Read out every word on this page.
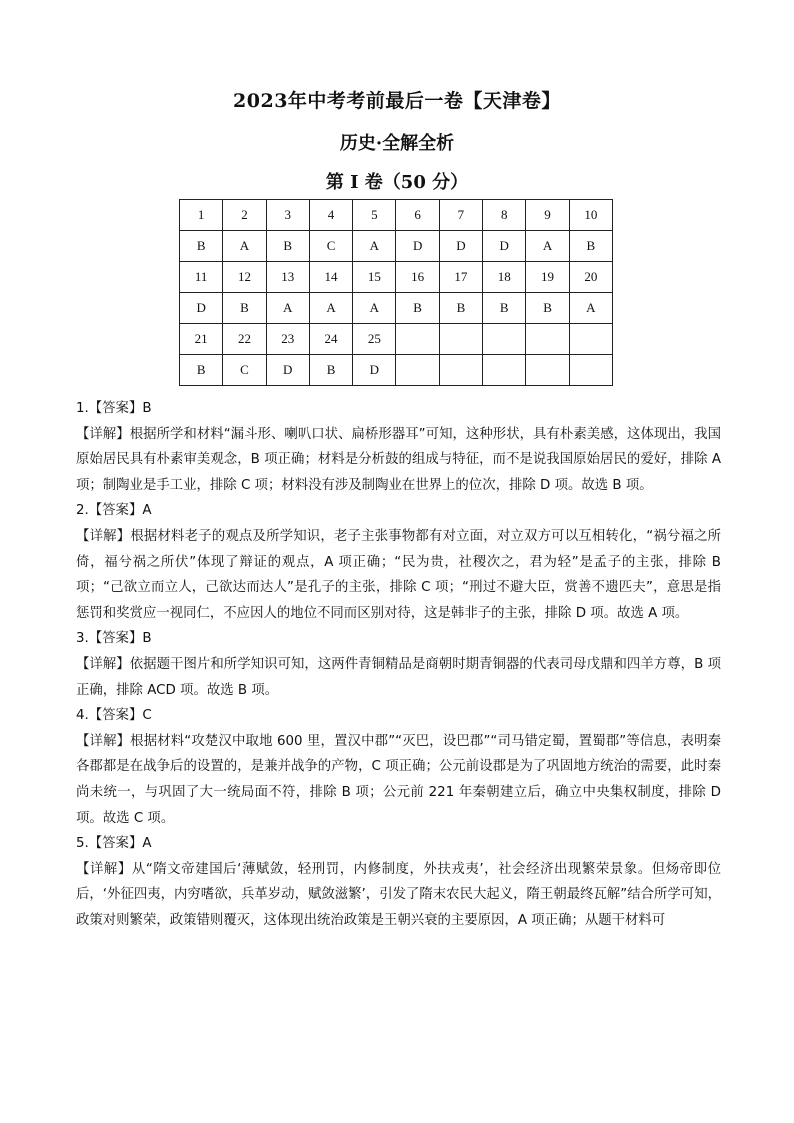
2023年中考考前最后一卷【天津卷】
历史·全解全析
第 I 卷（50 分）
1	2	3	4	5	6	7	8	9	10
B	A	B	C	A	D	D	D	A	B
11	12	13	14	15	16	17	18	19	20
D	B	A	A	A	B	B	B	B	A
21	22	23	24	25					
B	C	D	B	D					

1.【答案】B

【详解】根据所学和材料“漏斗形、喇叭口状、扁桥形器耳”可知，这种形状，具有朴素美感，这体现出，我国原始居民具有朴素审美观念，B 项正确；材料是分析鼓的组成与特征，而不是说我国原始居民的爱好，排除 A 项；制陶业是手工业，排除 C 项；材料没有涉及制陶业在世界上的位次，排除 D 项。故选 B 项。

2.【答案】A

【详解】根据材料老子的观点及所学知识，老子主张事物都有对立面，对立双方可以互相转化，“祸兮福之所倚，福兮祸之所伏”体现了辩证的观点，A 项正确；“民为贵，社稷次之，君为轻”是孟子的主张，排除 B 项；“己欲立而立人，己欲达而达人”是孔子的主张，排除 C 项；“刑过不避大臣，赏善不遗匹夫”，意思是指惩罚和奖赏应一视同仁，不应因人的地位不同而区别对待，这是韩非子的主张，排除 D 项。故选 A 项。

3.【答案】B

【详解】依据题干图片和所学知识可知，这两件青铜精品是商朝时期青铜器的代表司母戊鼎和四羊方尊，B 项正确，排除 ACD 项。故选 B 项。

4.【答案】C

【详解】根据材料“攻楚汉中取地 600 里，置汉中郡”“灭巴，设巴郡”“司马错定蜀，置蜀郡”等信息，表明秦各郡都是在战争后的设置的，是兼并战争的产物，C 项正确；公元前设郡是为了巩固地方统治的需要，此时秦尚未统一，与巩固了大一统局面不符，排除 B 项；公元前 221 年秦朝建立后，确立中央集权制度，排除 D 项。故选 C 项。

5.【答案】A

【详解】从“隋文帝建国后‘薄赋敛，轻刑罚，内修制度，外扶戎夷’，社会经济出现繁荣景象。但炀帝即位后，‘外征四夷，内穷嗜欲，兵革岁动，赋敛滋繁’，引发了隋末农民大起义，隋王朝最终瓦解”结合所学可知，政策对则繁荣，政策错则覆灭，这体现出统治政策是王朝兴衰的主要原因，A 项正确；从题干材料可
